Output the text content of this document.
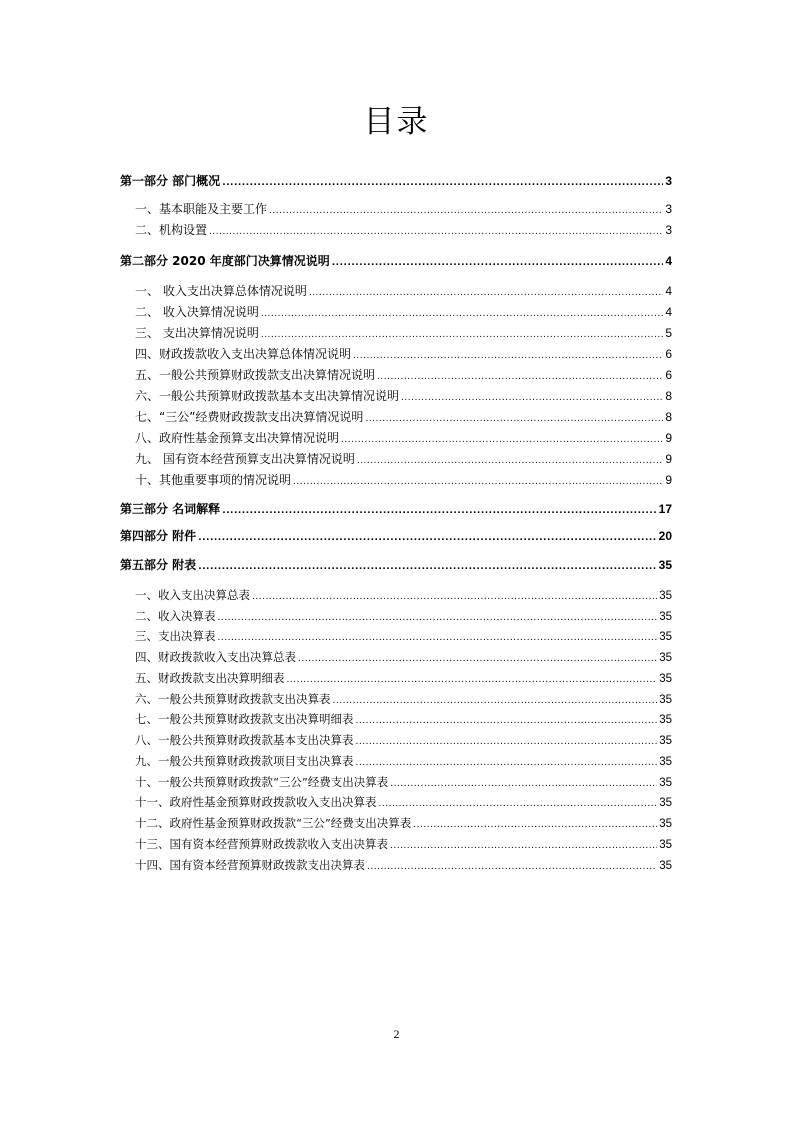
目录
第一部分 部门概况 .....	3
一、基本职能及主要工作 .....	3
二、机构设置 .....	3
第二部分 2020 年度部门决算情况说明 .....	4
一、 收入支出决算总体情况说明 .....	4
二、 收入决算情况说明 .....	4
三、 支出决算情况说明 .....	5
四、财政拨款收入支出决算总体情况说明 .....	6
五、一般公共预算财政拨款支出决算情况说明 .....	6
六、一般公共预算财政拨款基本支出决算情况说明 .....	8
七、“三公”经费财政拨款支出决算情况说明 .....	8
八、政府性基金预算支出决算情况说明 .....	9
九、 国有资本经营预算支出决算情况说明 .....	9
十、其他重要事项的情况说明 .....	9
第三部分 名词解释 .....	17
第四部分 附件 .....	20
第五部分 附表 .....	35
一、收入支出决算总表 .....	35
二、收入决算表 .....	35
三、支出决算表 .....	35
四、财政拨款收入支出决算总表 .....	35
五、财政拨款支出决算明细表 .....	35
六、一般公共预算财政拨款支出决算表 .....	35
七、一般公共预算财政拨款支出决算明细表 .....	35
八、一般公共预算财政拨款基本支出决算表 .....	35
九、一般公共预算财政拨款项目支出决算表 .....	35
十、一般公共预算财政拨款“三公”经费支出决算表 .....	35
十一、政府性基金预算财政拨款收入支出决算表 .....	35
十二、政府性基金预算财政拨款“三公”经费支出决算表 .....	35
十三、国有资本经营预算财政拨款收入支出决算表 .....	35
十四、国有资本经营预算财政拨款支出决算表 .....	35
2
